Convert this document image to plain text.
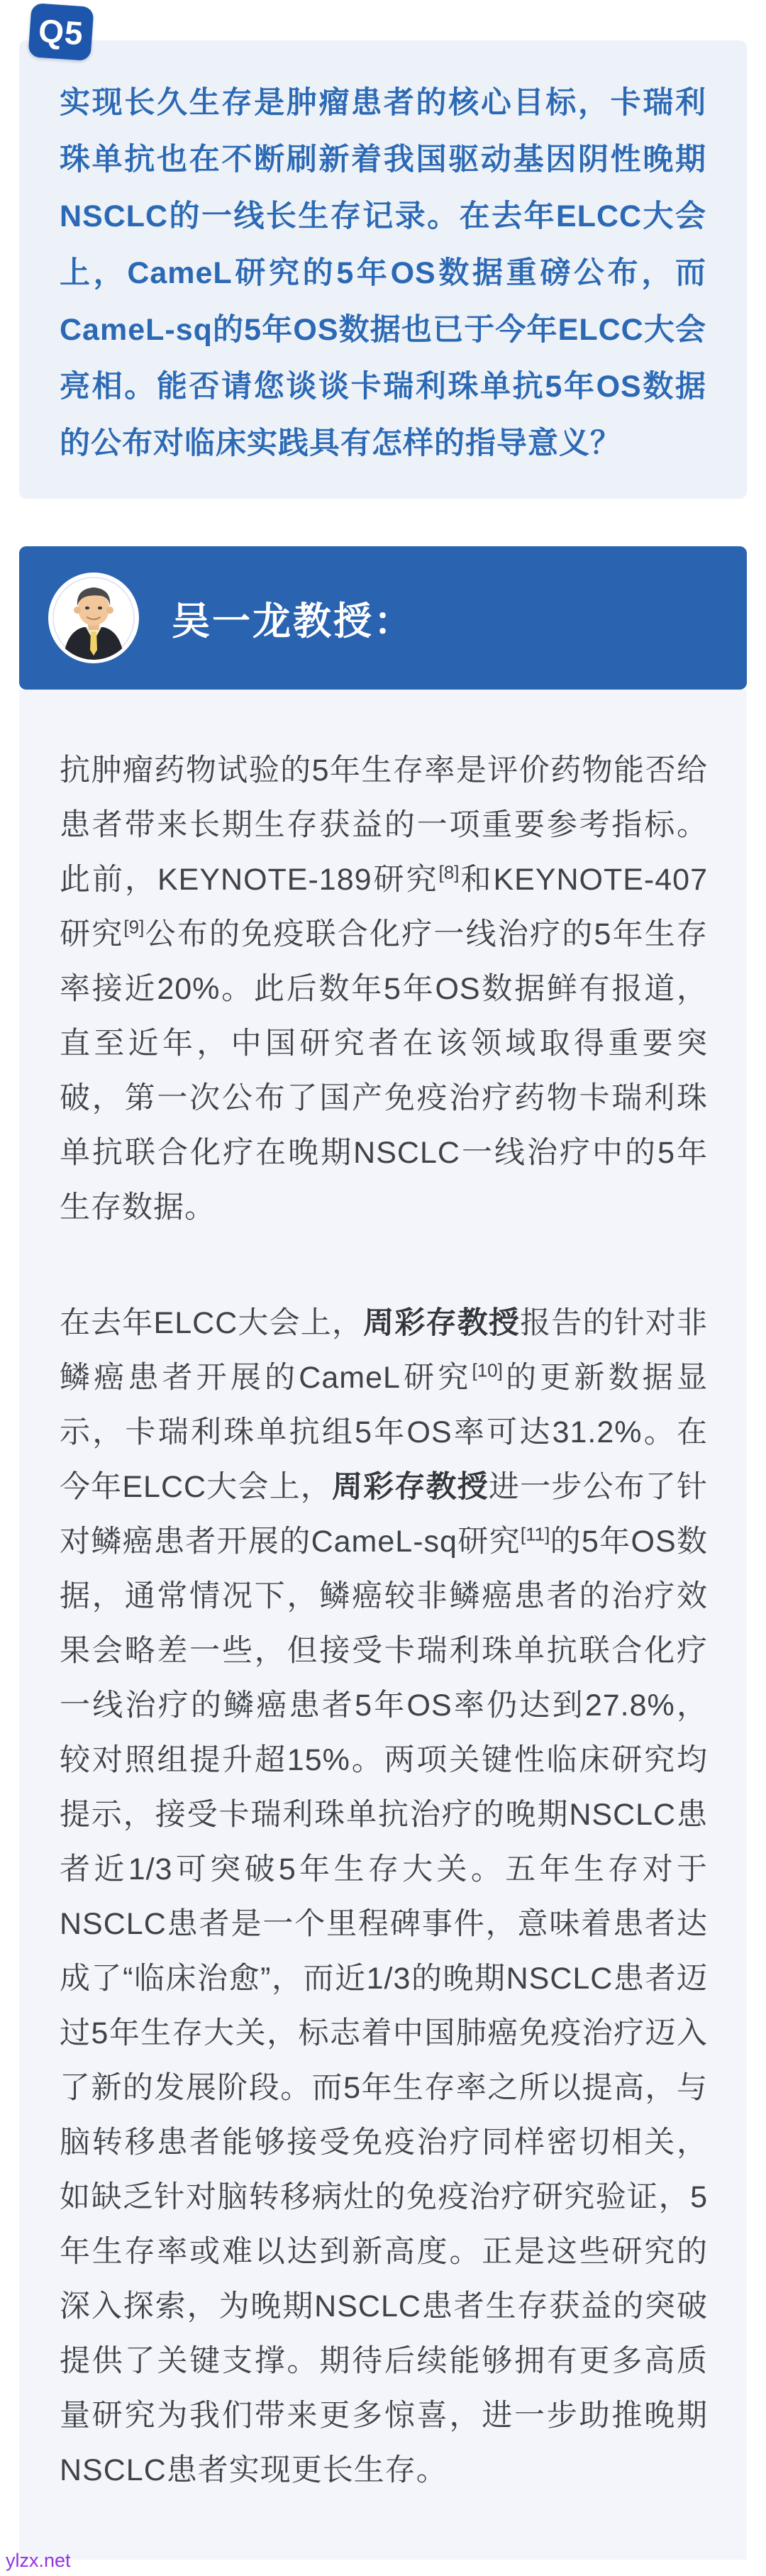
实现长久生存是肿瘤患者的核心目标，卡瑞利珠单抗也在不断刷新着我国驱动基因阴性晚期NSCLC的一线长生存记录。在去年ELCC大会上，CameL研究的5年OS数据重磅公布，而CameL-sq的5年OS数据也已于今年ELCC大会亮相。能否请您谈谈卡瑞利珠单抗5年OS数据的公布对临床实践具有怎样的指导意义？

Q5
吴一龙教授：

抗肿瘤药物试验的5年生存率是评价药物能否给患者带来长期生存获益的一项重要参考指标。此前，KEYNOTE-189研究[8]和KEYNOTE-407研究[9]公布的免疫联合化疗一线治疗的5年生存率接近20%。此后数年5年OS数据鲜有报道，直至近年，中国研究者在该领域取得重要突破，第一次公布了国产免疫治疗药物卡瑞利珠单抗联合化疗在晚期NSCLC一线治疗中的5年生存数据。

在去年ELCC大会上，周彩存教授报告的针对非鳞癌患者开展的CameL研究[10]的更新数据显示，卡瑞利珠单抗组5年OS率可达31.2%。在今年ELCC大会上，周彩存教授进一步公布了针对鳞癌患者开展的CameL-sq研究[11]的5年OS数据，通常情况下，鳞癌较非鳞癌患者的治疗效果会略差一些，但接受卡瑞利珠单抗联合化疗一线治疗的鳞癌患者5年OS率仍达到27.8%，较对照组提升超15%。两项关键性临床研究均提示，接受卡瑞利珠单抗治疗的晚期NSCLC患者近1/3可突破5年生存大关。五年生存对于NSCLC患者是一个里程碑事件，意味着患者达成了“临床治愈”，而近1/3的晚期NSCLC患者迈过5年生存大关，标志着中国肺癌免疫治疗迈入了新的发展阶段。而5年生存率之所以提高，与脑转移患者能够接受免疫治疗同样密切相关，如缺乏针对脑转移病灶的免疫治疗研究验证，5年生存率或难以达到新高度。正是这些研究的深入探索，为晚期NSCLC患者生存获益的突破提供了关键支撑。期待后续能够拥有更多高质量研究为我们带来更多惊喜，进一步助推晚期NSCLC患者实现更长生存。

ylzx.net
